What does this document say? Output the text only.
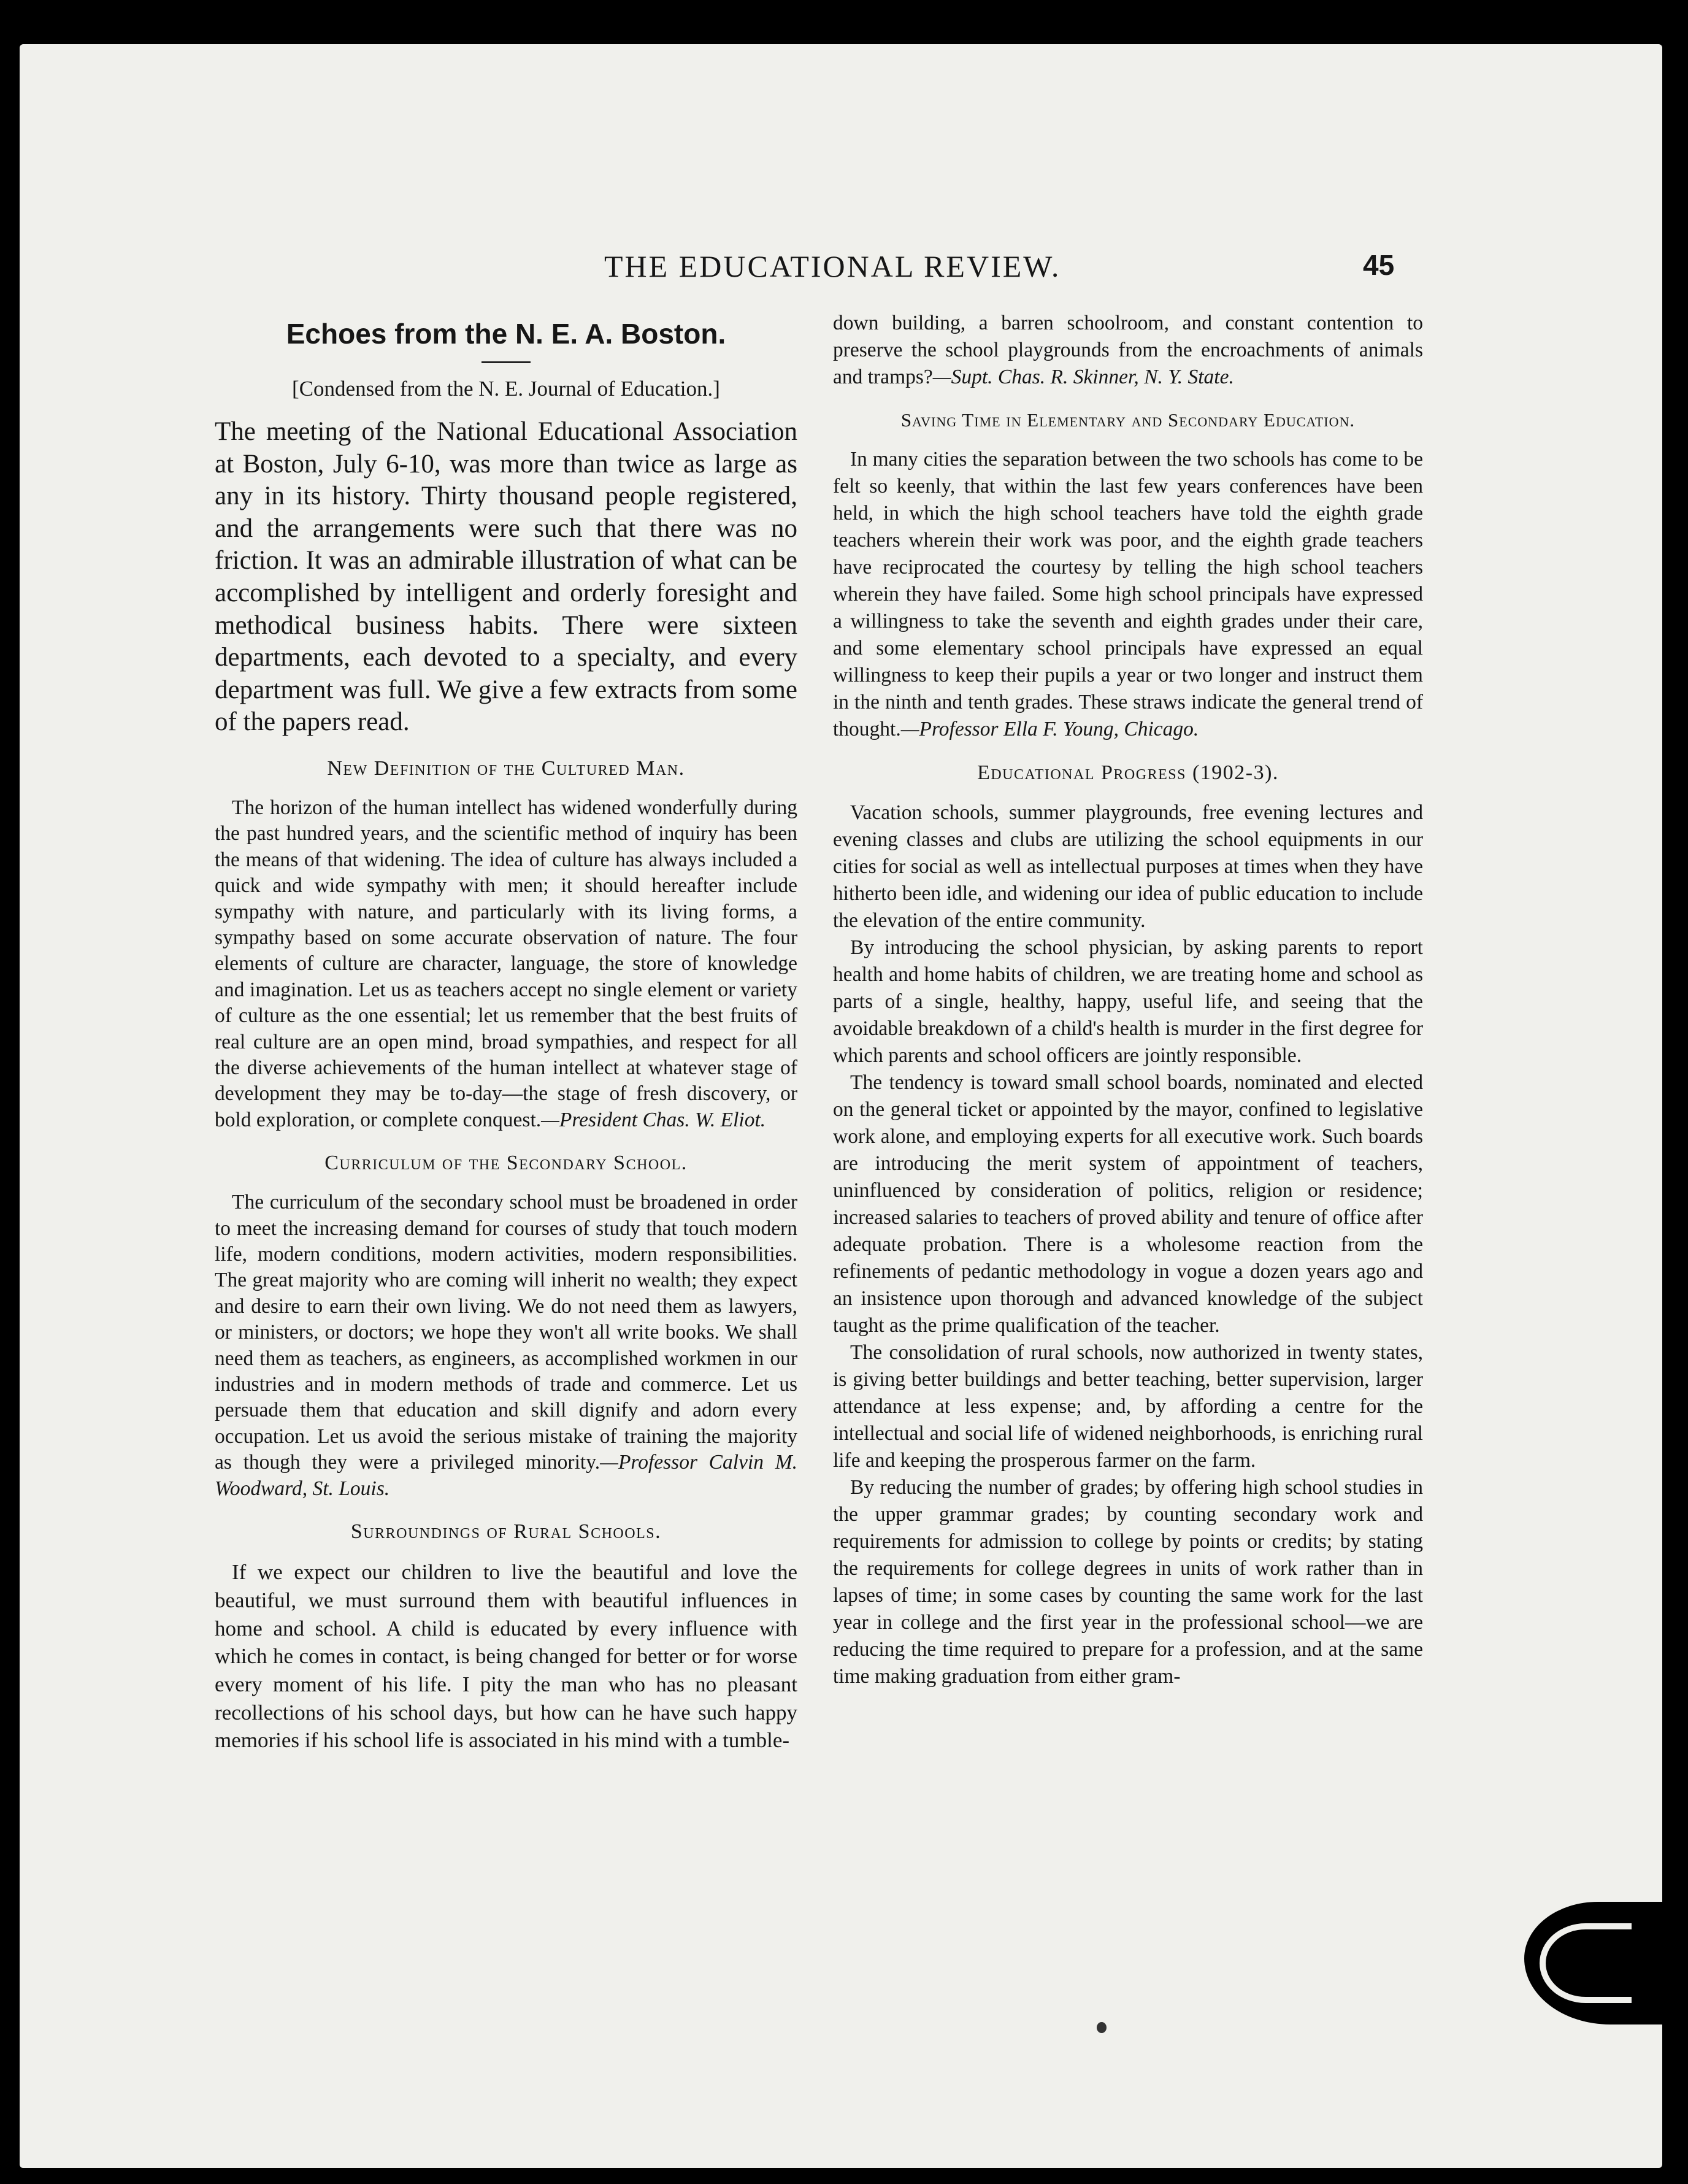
THE EDUCATIONAL REVIEW.	45
Echoes from the N. E. A. Boston.
[Condensed from the N. E. Journal of Education.]

The meeting of the National Educational Association at Boston, July 6-10, was more than twice as large as any in its history. Thirty thousand people registered, and the arrangements were such that there was no friction. It was an admirable illustration of what can be accomplished by intelligent and orderly foresight and methodical business habits. There were sixteen departments, each devoted to a specialty, and every department was full. We give a few extracts from some of the papers read.

New Definition of the Cultured Man.

The horizon of the human intellect has widened wonderfully during the past hundred years, and the scientific method of inquiry has been the means of that widening. The idea of culture has always included a quick and wide sympathy with men; it should hereafter include sympathy with nature, and particularly with its living forms, a sympathy based on some accurate observation of nature. The four elements of culture are character, language, the store of knowledge and imagination. Let us as teachers accept no single element or variety of culture as the one essential; let us remember that the best fruits of real culture are an open mind, broad sympathies, and respect for all the diverse achievements of the human intellect at whatever stage of development they may be to-day—the stage of fresh discovery, or bold exploration, or complete conquest.—President Chas. W. Eliot.

Curriculum of the Secondary School.

The curriculum of the secondary school must be broadened in order to meet the increasing demand for courses of study that touch modern life, modern conditions, modern activities, modern responsibilities. The great majority who are coming will inherit no wealth; they expect and desire to earn their own living. We do not need them as lawyers, or ministers, or doctors; we hope they won't all write books. We shall need them as teachers, as engineers, as accomplished workmen in our industries and in modern methods of trade and commerce. Let us persuade them that education and skill dignify and adorn every occupation. Let us avoid the serious mistake of training the majority as though they were a privileged minority.—Professor Calvin M. Woodward, St. Louis.

Surroundings of Rural Schools.

If we expect our children to live the beautiful and love the beautiful, we must surround them with beautiful influences in home and school. A child is educated by every influence with which he comes in contact, is being changed for better or for worse every moment of his life. I pity the man who has no pleasant recollections of his school days, but how can he have such happy memories if his school life is associated in his mind with a tumble-

down building, a barren schoolroom, and constant contention to preserve the school playgrounds from the encroachments of animals and tramps?—Supt. Chas. R. Skinner, N. Y. State.

Saving Time in Elementary and Secondary Education.

In many cities the separation between the two schools has come to be felt so keenly, that within the last few years conferences have been held, in which the high school teachers have told the eighth grade teachers wherein their work was poor, and the eighth grade teachers have reciprocated the courtesy by telling the high school teachers wherein they have failed. Some high school principals have expressed a willingness to take the seventh and eighth grades under their care, and some elementary school principals have expressed an equal willingness to keep their pupils a year or two longer and instruct them in the ninth and tenth grades. These straws indicate the general trend of thought.—Professor Ella F. Young, Chicago.

Educational Progress (1902-3).

Vacation schools, summer playgrounds, free evening lectures and evening classes and clubs are utilizing the school equipments in our cities for social as well as intellectual purposes at times when they have hitherto been idle, and widening our idea of public education to include the elevation of the entire community.

By introducing the school physician, by asking parents to report health and home habits of children, we are treating home and school as parts of a single, healthy, happy, useful life, and seeing that the avoidable breakdown of a child's health is murder in the first degree for which parents and school officers are jointly responsible.

The tendency is toward small school boards, nominated and elected on the general ticket or appointed by the mayor, confined to legislative work alone, and employing experts for all executive work. Such boards are introducing the merit system of appointment of teachers, uninfluenced by consideration of politics, religion or residence; increased salaries to teachers of proved ability and tenure of office after adequate probation. There is a wholesome reaction from the refinements of pedantic methodology in vogue a dozen years ago and an insistence upon thorough and advanced knowledge of the subject taught as the prime qualification of the teacher.

The consolidation of rural schools, now authorized in twenty states, is giving better buildings and better teaching, better supervision, larger attendance at less expense; and, by affording a centre for the intellectual and social life of widened neighborhoods, is enriching rural life and keeping the prosperous farmer on the farm.

By reducing the number of grades; by offering high school studies in the upper grammar grades; by counting secondary work and requirements for admission to college by points or credits; by stating the requirements for college degrees in units of work rather than in lapses of time; in some cases by counting the same work for the last year in college and the first year in the professional school—we are reducing the time required to prepare for a profession, and at the same time making graduation from either gram-
